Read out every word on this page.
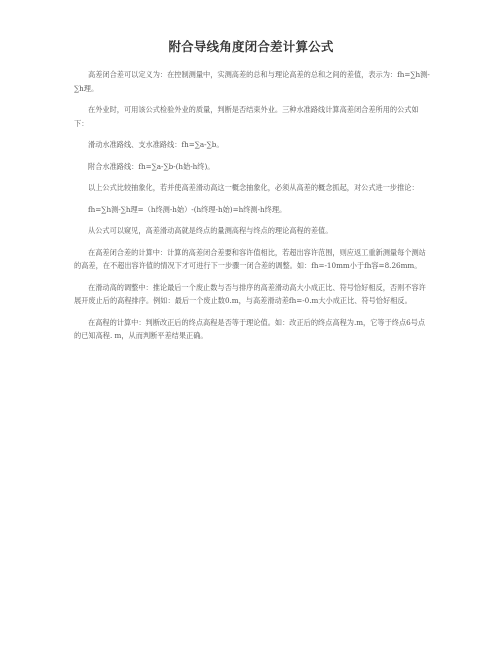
附合导线角度闭合差计算公式

高差闭合差可以定义为：在控制测量中，实测高差的总和与理论高差的总和之间的差值，表示为：fh=∑h测-∑h理。

在外业时，可用该公式检验外业的质量，判断是否结束外业。三种水准路线计算高差闭合差所用的公式如下：

滑动水准路线、支水准路线：fh=∑a-∑b。

附合水准路线：fh=∑a-∑b-(h始-h终)。

以上公式比较抽象化，若并使高差滑动高这一概念抽象化，必须从高差的概念抓起，对公式进一步推论：

fh=∑h测-∑h理=（h终测-h始）-(h终理-h始)=h终测-h终理。

从公式可以窥见，高差滑动高就是终点的量测高程与终点的理论高程的差值。

在高差闭合差的计算中：计算的高差闭合差要和容许值相比，若超出容许范围，则应返工重新测量每个测站的高差，在不超出容许值的情况下才可进行下一步骤一闭合差的调整。如：fh=-10mm小于fh容=8.26mm。

在滑动高的调整中：推论最后一个废止数与否与排序的高差滑动高大小成正比、符号恰好相反，否则不容许展开废止后的高程排序。例如：最后一个废止数0.m，与高差滑动差fh=-0.m大小成正比、符号恰好相反。

在高程的计算中：判断改正后的终点高程是否等于理论值。如：改正后的终点高程为.m，它等于终点6号点的已知高程. m，从而判断平差结果正确。
